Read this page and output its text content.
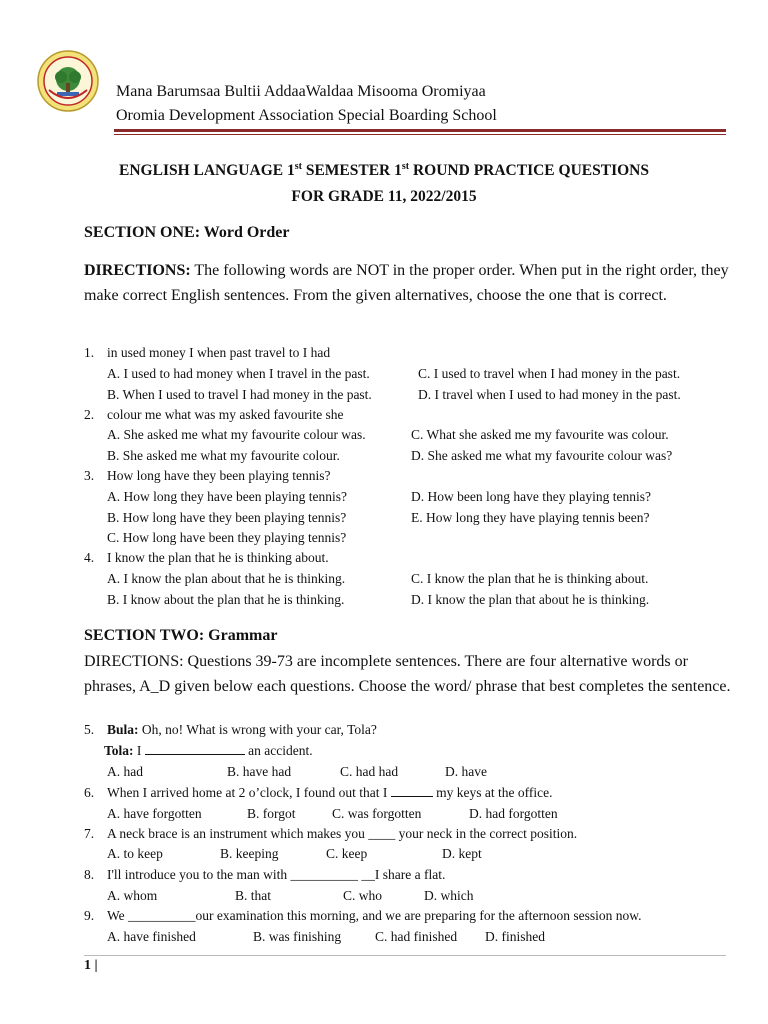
Mana Barumsaa Bultii AddaaWaldaa Misooma Oromiyaa
Oromia Development Association Special Boarding School
ENGLISH LANGUAGE 1st SEMESTER 1st ROUND PRACTICE QUESTIONS
FOR GRADE 11, 2022/2015
SECTION ONE: Word Order
DIRECTIONS: The following words are NOT in the proper order. When put in the right order, they make correct English sentences. From the given alternatives, choose the one that is correct.
1. in used money I when past travel to I had
A. I used to had money when I travel in the past.	C. I used to travel when I had money in the past.
B. When I used to travel I had money in the past.	D. I travel when I used to had money in the past.
2. colour me what was my asked favourite she
A. She asked me what my favourite colour was.	C. What she asked me my favourite was colour.
B. She asked me what my favourite colour.	D. She asked me what my favourite colour was?
3. How long have they been playing tennis?
A. How long they have been playing tennis?	D. How been long have they playing tennis?
B. How long have they been playing tennis?	E. How long they have playing tennis been?
C. How long have been they playing tennis?
4. I know the plan that he is thinking about.
A. I know the plan about that he is thinking.	C. I know the plan that he is thinking about.
B. I know about the plan that he is thinking.	D. I know the plan that about he is thinking.
SECTION TWO: Grammar
DIRECTIONS: Questions 39-73 are incomplete sentences. There are four alternative words or phrases, A_D given below each questions. Choose the word/ phrase that best completes the sentence.
5. Bula: Oh, no! What is wrong with your car, Tola?
Tola: I	an accident.
A. had	B. have had	C. had had	D. have
6. When I arrived home at 2 o’clock, I found out that I	my keys at the office.
A. have forgotten	B. forgot	C. was forgotten	D. had forgotten
7. A neck brace is an instrument which makes you ____ your neck in the correct position.
A. to keep	B. keeping	C. keep	D. kept
8. I'll introduce you to the man with __________ __I share a flat.
A. whom	B. that	C. who	D. which
9. We __________our examination this morning, and we are preparing for the afternoon session now.
A. have finished	B. was finishing	C. had finished D. finished
1 |
